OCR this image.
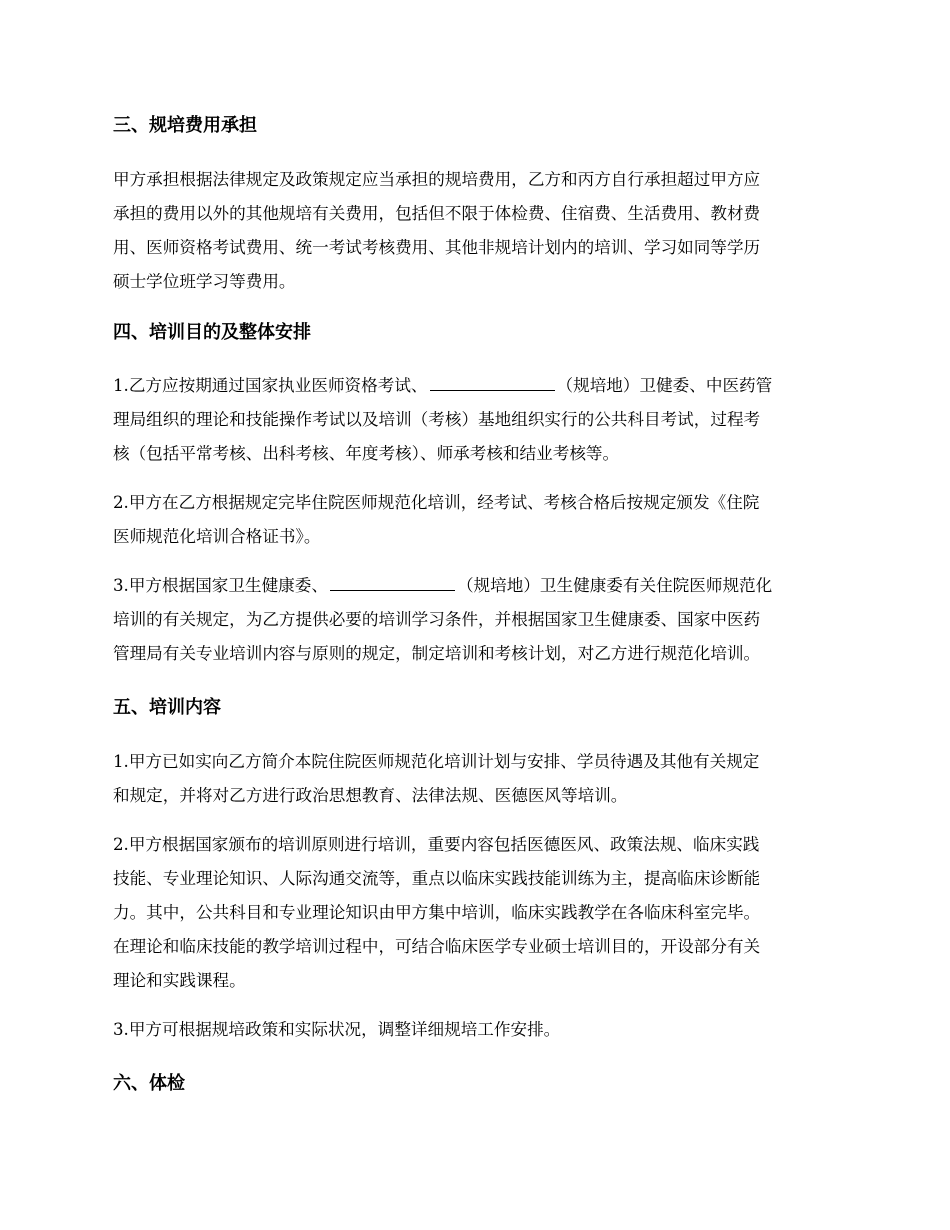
三、规培费用承担
甲方承担根据法律规定及政策规定应当承担的规培费用，乙方和丙方自行承担超过甲方应
承担的费用以外的其他规培有关费用，包括但不限于体检费、住宿费、生活费用、教材费
用、医师资格考试费用、统一考试考核费用、其他非规培计划内的培训、学习如同等学历
硕士学位班学习等费用。
四、培训目的及整体安排
1.乙方应按期通过国家执业医师资格考试、	（规培地）卫健委、中医药管
理局组织的理论和技能操作考试以及培训（考核）基地组织实行的公共科目考试，过程考
核（包括平常考核、出科考核、年度考核）、师承考核和结业考核等。
2.甲方在乙方根据规定完毕住院医师规范化培训，经考试、考核合格后按规定颁发《住院
医师规范化培训合格证书》。
3.甲方根据国家卫生健康委、	（规培地）卫生健康委有关住院医师规范化
培训的有关规定，为乙方提供必要的培训学习条件，并根据国家卫生健康委、国家中医药
管理局有关专业培训内容与原则的规定，制定培训和考核计划，对乙方进行规范化培训。
五、培训内容
1.甲方已如实向乙方简介本院住院医师规范化培训计划与安排、学员待遇及其他有关规定
和规定，并将对乙方进行政治思想教育、法律法规、医德医风等培训。
2.甲方根据国家颁布的培训原则进行培训，重要内容包括医德医风、政策法规、临床实践
技能、专业理论知识、人际沟通交流等，重点以临床实践技能训练为主，提高临床诊断能
力。其中，公共科目和专业理论知识由甲方集中培训，临床实践教学在各临床科室完毕。
在理论和临床技能的教学培训过程中，可结合临床医学专业硕士培训目的，开设部分有关
理论和实践课程。
3.甲方可根据规培政策和实际状况，调整详细规培工作安排。
六、体检
